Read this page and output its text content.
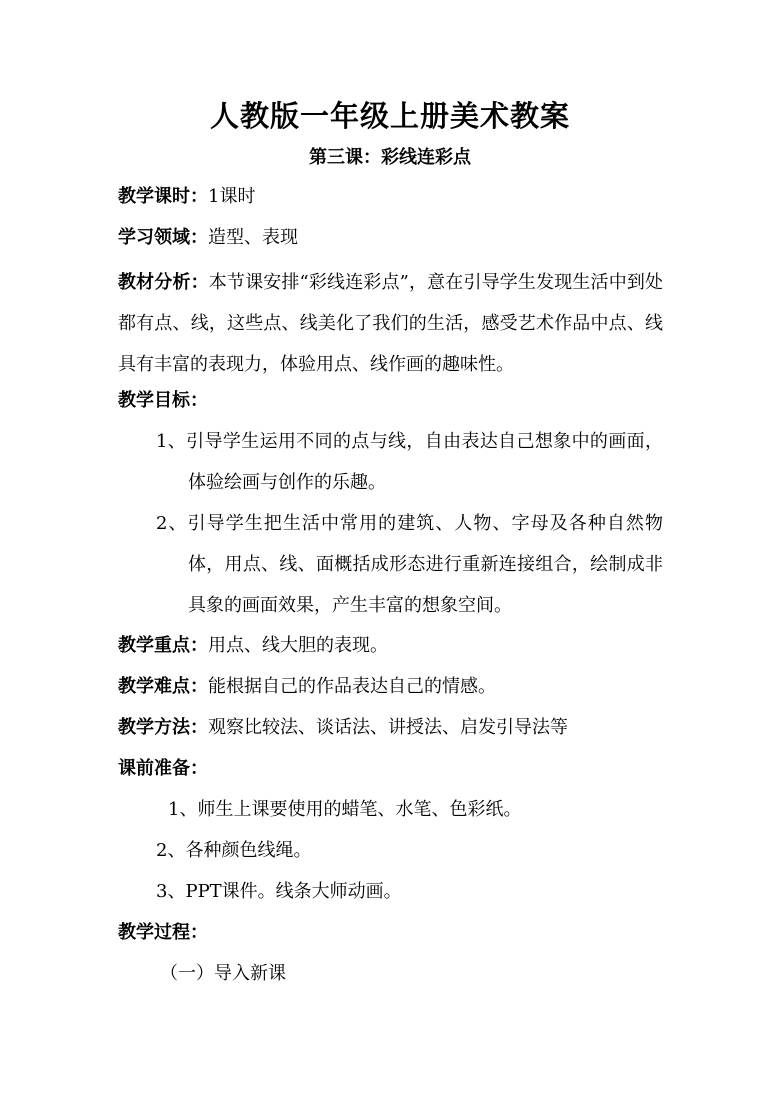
人教版一年级上册美术教案
第三课：彩线连彩点
教学课时：1课时
学习领域：造型、表现
教材分析：本节课安排“彩线连彩点”，意在引导学生发现生活中到处都有点、线，这些点、线美化了我们的生活，感受艺术作品中点、线具有丰富的表现力，体验用点、线作画的趣味性。
教学目标：
1、引导学生运用不同的点与线，自由表达自己想象中的画面，体验绘画与创作的乐趣。
2、引导学生把生活中常用的建筑、人物、字母及各种自然物体，用点、线、面概括成形态进行重新连接组合，绘制成非具象的画面效果，产生丰富的想象空间。
教学重点：用点、线大胆的表现。
教学难点：能根据自己的作品表达自己的情感。
教学方法：观察比较法、谈话法、讲授法、启发引导法等
课前准备：
1、师生上课要使用的蜡笔、水笔、色彩纸。
2、各种颜色线绳。
3、PPT课件。线条大师动画。
教学过程：
（一）导入新课
